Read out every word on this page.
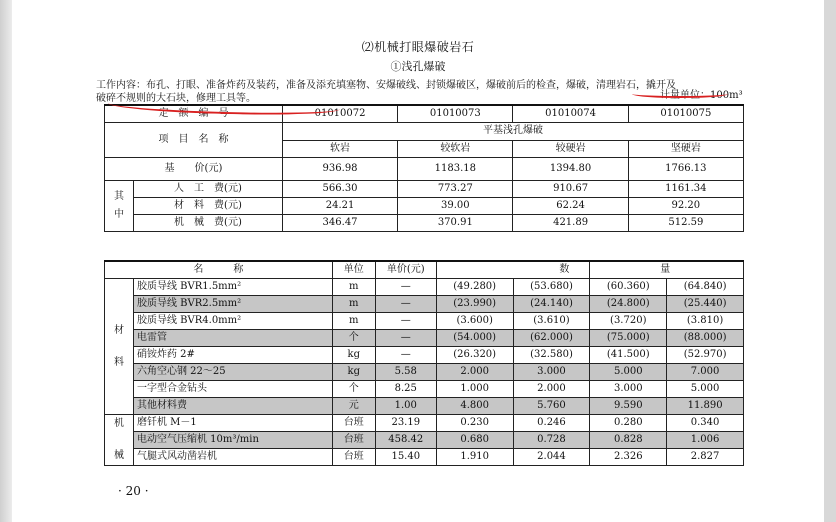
⑵机械打眼爆破岩石
①浅孔爆破
工作内容：布孔、打眼、准备炸药及装药，准备及添充填塞物、安爆破线、封锁爆破区，爆破前后的检查，爆破，清理岩石，撬开及
破碎不规则的大石块，修理工具等。	计量单位：100m³
定　额　编　号		01010072	01010073	01010074	01010075
项　目　名　称		平基浅孔爆破			
		软岩	较软岩	较硬岩	坚硬岩
基　　价(元)		936.98	1183.18	1394.80	1766.13

其
中	人　工　费(元)	566.30	773.27	910.67	1161.34
	材　料　费(元)	24.21	39.00	62.24	92.20
	机　械　费(元)	346.47	370.91	421.89	512.59
名　　　称		单位	单价(元)	数		量	

材
料	胶质导线 BVR1.5mm²	m	—	(49.280)	(53.680)	(60.360)	(64.840)
	胶质导线 BVR2.5mm²	m	—	(23.990)	(24.140)	(24.800)	(25.440)
	胶质导线 BVR4.0mm²	m	—	(3.600)	(3.610)	(3.720)	(3.810)
	电雷管	个	—	(54.000)	(62.000)	(75.000)	(88.000)
	硝铵炸药 2#	kg	—	(26.320)	(32.580)	(41.500)	(52.970)
	六角空心钢 22～25	kg	5.58	2.000	3.000	5.000	7.000
	一字型合金钻头	个	8.25	1.000	2.000	3.000	5.000
	其他材料费	元	1.00	4.800	5.760	9.590	11.890

机
械	磨钎机 M－1	台班	23.19	0.230	0.246	0.280	0.340
	电动空气压缩机 10m³/min	台班	458.42	0.680	0.728	0.828	1.006
	气腿式风动凿岩机	台班	15.40	1.910	2.044	2.326	2.827
· 20 ·
